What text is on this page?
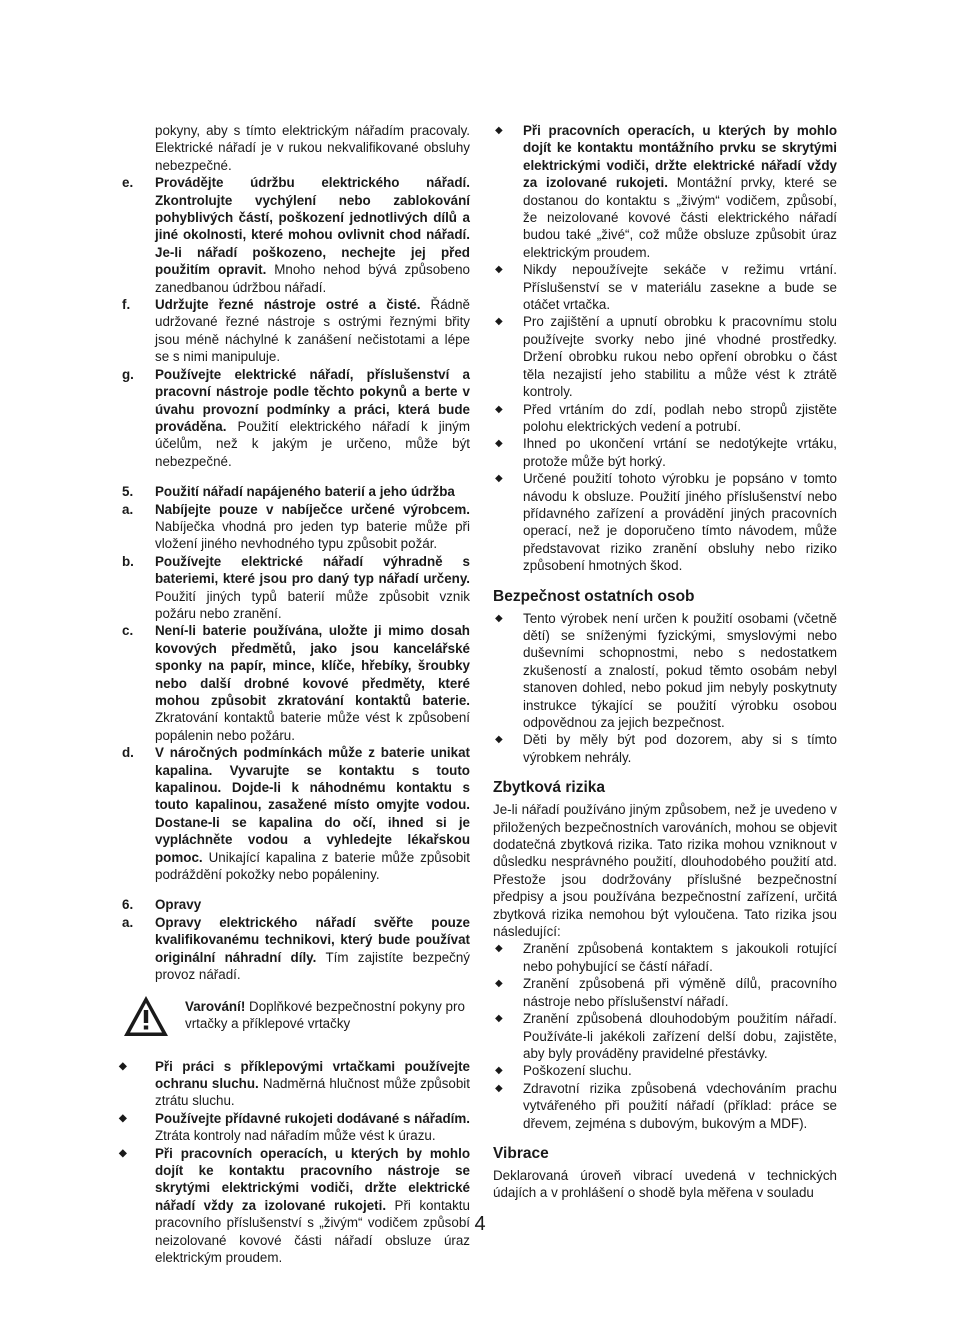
pokyny, aby s tímto elektrickým nářadím pracovaly. Elektrické nářadí je v rukou nekvalifikované obsluhy nebezpečné.

e. Provádějte údržbu elektrického nářadí. Zkontrolujte vychýlení nebo zablokování pohyblivých částí, poškození jednotlivých dílů a jiné okolnosti, které mohou ovlivnit chod nářadí. Je-li nářadí poškozeno, nechejte jej před použitím opravit. Mnoho nehod bývá způsobeno zanedbanou údržbou nářadí.

f. Udržujte řezné nástroje ostré a čisté. Řádně udržované řezné nástroje s ostrými řeznými břity jsou méně náchylné k zanášení nečistotami a lépe se s nimi manipuluje.

g. Používejte elektrické nářadí, příslušenství a pracovní nástroje podle těchto pokynů a berte v úvahu provozní podmínky a práci, která bude prováděna. Použití elektrického nářadí k jiným účelům, než k jakým je určeno, může být nebezpečné.

5. Použití nářadí napájeného baterií a jeho údržba

a. Nabíjejte pouze v nabíječce určené výrobcem. Nabíječka vhodná pro jeden typ baterie může při vložení jiného nevhodného typu způsobit požár.

b. Používejte elektrické nářadí výhradně s bateriemi, které jsou pro daný typ nářadí určeny. Použití jiných typů baterií může způsobit vznik požáru nebo zranění.

c. Není-li baterie používána, uložte ji mimo dosah kovových předmětů, jako jsou kancelářské sponky na papír, mince, klíče, hřebíky, šroubky nebo další drobné kovové předměty, které mohou způsobit zkratování kontaktů baterie. Zkratování kontaktů baterie může vést k způsobení popálenin nebo požáru.

d. V náročných podmínkách může z baterie unikat kapalina. Vyvarujte se kontaktu s touto kapalinou. Dojde-li k náhodnému kontaktu s touto kapalinou, zasažené místo omyjte vodou. Dostane-li se kapalina do očí, ihned si je vypláchněte vodou a vyhledejte lékařskou pomoc. Unikající kapalina z baterie může způsobit podráždění pokožky nebo popáleniny.

6. Opravy

a. Opravy elektrického nářadí svěřte pouze kvalifikovanému technikovi, který bude používat originální náhradní díly. Tím zajistíte bezpečný provoz nářadí.

Varování! Doplňkové bezpečnostní pokyny pro vrtačky a příklepové vrtačky

◆ Při práci s příklepovými vrtačkami používejte ochranu sluchu. Nadměrná hlučnost může způsobit ztrátu sluchu.

◆ Používejte přídavné rukojeti dodávané s nářadím. Ztráta kontroly nad nářadím může vést k úrazu.

◆ Při pracovních operacích, u kterých by mohlo dojít ke kontaktu pracovního nástroje se skrytými elektrickými vodiči, držte elektrické nářadí vždy za izolované rukojeti. Při kontaktu pracovního příslušenství s „živým“ vodičem způsobí neizolované kovové části nářadí obsluze úraz elektrickým proudem.

◆ Při pracovních operacích, u kterých by mohlo dojít ke kontaktu montážního prvku se skrytými elektrickými vodiči, držte elektrické nářadí vždy za izolované rukojeti. Montážní prvky, které se dostanou do kontaktu s „živým“ vodičem, způsobí, že neizolované kovové části elektrického nářadí budou také „živé“, což může obsluze způsobit úraz elektrickým proudem.

◆ Nikdy nepoužívejte sekáče v režimu vrtání. Příslušenství se v materiálu zasekne a bude se otáčet vrtačka.

◆ Pro zajištění a upnutí obrobku k pracovnímu stolu používejte svorky nebo jiné vhodné prostředky. Držení obrobku rukou nebo opření obrobku o část těla nezajistí jeho stabilitu a může vést k ztrátě kontroly.

◆ Před vrtáním do zdí, podlah nebo stropů zjistěte polohu elektrických vedení a potrubí.

◆ Ihned po ukončení vrtání se nedotýkejte vrtáku, protože může být horký.

◆ Určené použití tohoto výrobku je popsáno v tomto návodu k obsluze. Použití jiného příslušenství nebo přídavného zařízení a provádění jiných pracovních operací, než je doporučeno tímto návodem, může představovat riziko zranění obsluhy nebo riziko způsobení hmotných škod.

Bezpečnost ostatních osob

◆ Tento výrobek není určen k použití osobami (včetně dětí) se sníženými fyzickými, smyslovými nebo duševními schopnostmi, nebo s nedostatkem zkušeností a znalostí, pokud těmto osobám nebyl stanoven dohled, nebo pokud jim nebyly poskytnuty instrukce týkající se použití výrobku osobou odpovědnou za jejich bezpečnost.

◆ Děti by měly být pod dozorem, aby si s tímto výrobkem nehrály.

Zbytková rizika

Je-li nářadí používáno jiným způsobem, než je uvedeno v přiložených bezpečnostních varováních, mohou se objevit dodatečná zbytková rizika. Tato rizika mohou vzniknout v důsledku nesprávného použití, dlouhodobého použití atd. Přestože jsou dodržovány příslušné bezpečnostní předpisy a jsou používána bezpečnostní zařízení, určitá zbytková rizika nemohou být vyloučena. Tato rizika jsou následující:

◆ Zranění způsobená kontaktem s jakoukoli rotující nebo pohybující se částí nářadí.

◆ Zranění způsobená při výměně dílů, pracovního nástroje nebo příslušenství nářadí.

◆ Zranění způsobená dlouhodobým použitím nářadí. Používáte-li jakékoli zařízení delší dobu, zajistěte, aby byly prováděny pravidelné přestávky.

◆ Poškození sluchu.

◆ Zdravotní rizika způsobená vdechováním prachu vytvářeného při použití nářadí (příklad: práce se dřevem, zejména s dubovým, bukovým a MDF).

Vibrace

Deklarovaná úroveň vibrací uvedená v technických údajích a v prohlášení o shodě byla měřena v souladu

4
